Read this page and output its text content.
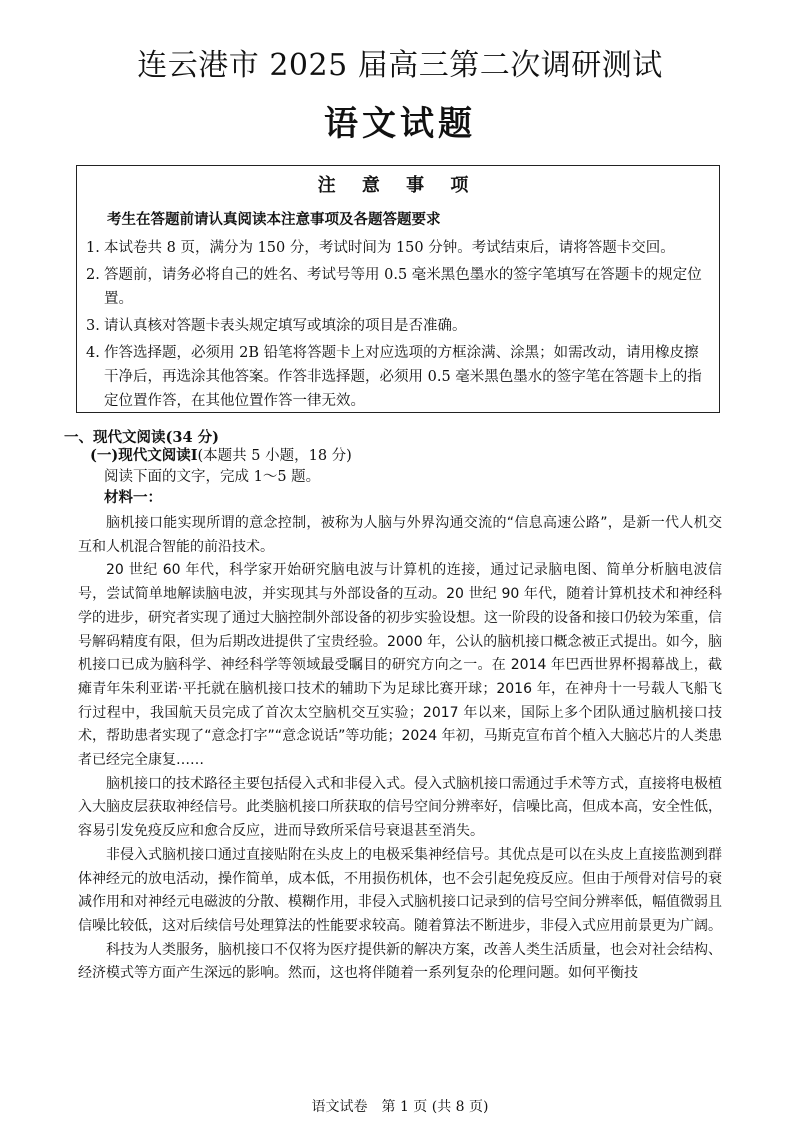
连云港市 2025 届高三第二次调研测试
语文试题
注 意 事 项
考生在答题前请认真阅读本注意事项及各题答题要求
1. 本试卷共 8 页，满分为 150 分，考试时间为 150 分钟。考试结束后，请将答题卡交回。
2. 答题前，请务必将自己的姓名、考试号等用 0.5 毫米黑色墨水的签字笔填写在答题卡的规定位置。
3. 请认真核对答题卡表头规定填写或填涂的项目是否准确。
4. 作答选择题，必须用 2B 铅笔将答题卡上对应选项的方框涂满、涂黑；如需改动，请用橡皮擦干净后，再选涂其他答案。作答非选择题，必须用 0.5 毫米黑色墨水的签字笔在答题卡上的指定位置作答，在其他位置作答一律无效。
一、现代文阅读(34 分)
(一)现代文阅读Ⅰ(本题共 5 小题，18 分)
阅读下面的文字，完成 1～5 题。
材料一：

脑机接口能实现所谓的意念控制，被称为人脑与外界沟通交流的“信息高速公路”，是新一代人机交互和人机混合智能的前沿技术。

20 世纪 60 年代，科学家开始研究脑电波与计算机的连接，通过记录脑电图、简单分析脑电波信号，尝试简单地解读脑电波，并实现其与外部设备的互动。20 世纪 90 年代，随着计算机技术和神经科学的进步，研究者实现了通过大脑控制外部设备的初步实验设想。这一阶段的设备和接口仍较为笨重，信号解码精度有限，但为后期改进提供了宝贵经验。2000 年，公认的脑机接口概念被正式提出。如今，脑机接口已成为脑科学、神经科学等领域最受瞩目的研究方向之一。在 2014 年巴西世界杯揭幕战上，截瘫青年朱利亚诺·平托就在脑机接口技术的辅助下为足球比赛开球；2016 年，在神舟十一号载人飞船飞行过程中，我国航天员完成了首次太空脑机交互实验；2017 年以来，国际上多个团队通过脑机接口技术，帮助患者实现了“意念打字”“意念说话”等功能；2024 年初，马斯克宣布首个植入大脑芯片的人类患者已经完全康复……

脑机接口的技术路径主要包括侵入式和非侵入式。侵入式脑机接口需通过手术等方式，直接将电极植入大脑皮层获取神经信号。此类脑机接口所获取的信号空间分辨率好，信噪比高，但成本高，安全性低，容易引发免疫反应和愈合反应，进而导致所采信号衰退甚至消失。

非侵入式脑机接口通过直接贴附在头皮上的电极采集神经信号。其优点是可以在头皮上直接监测到群体神经元的放电活动，操作简单，成本低，不用损伤机体，也不会引起免疫反应。但由于颅骨对信号的衰减作用和对神经元电磁波的分散、模糊作用，非侵入式脑机接口记录到的信号空间分辨率低，幅值微弱且信噪比较低，这对后续信号处理算法的性能要求较高。随着算法不断进步，非侵入式应用前景更为广阔。

科技为人类服务，脑机接口不仅将为医疗提供新的解决方案，改善人类生活质量，也会对社会结构、经济模式等方面产生深远的影响。然而，这也将伴随着一系列复杂的伦理问题。如何平衡技

语文试卷　第 1 页 (共 8 页)
